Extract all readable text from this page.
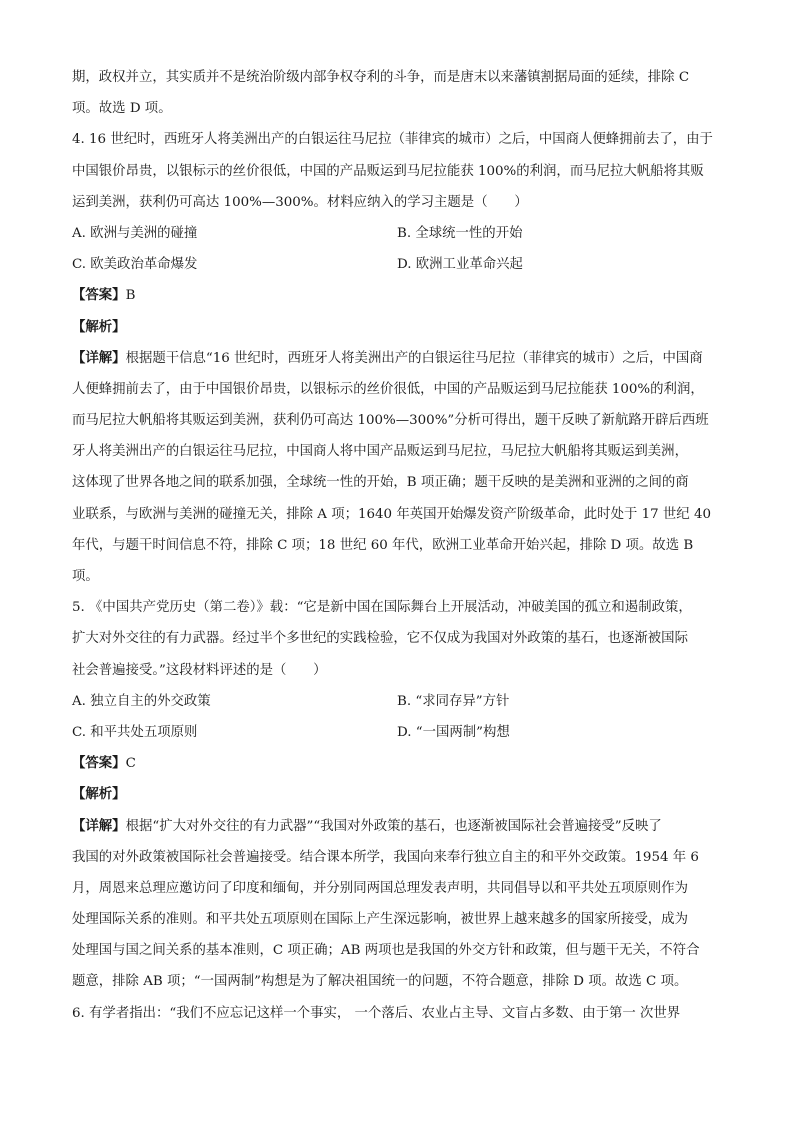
期，政权并立，其实质并不是统治阶级内部争权夺利的斗争，而是唐末以来藩镇割据局面的延续，排除 C
项。故选 D 项。
4. 16 世纪时，西班牙人将美洲出产的白银运往马尼拉（菲律宾的城市）之后，中国商人便蜂拥前去了，由于
中国银价昂贵，以银标示的丝价很低，中国的产品贩运到马尼拉能获 100%的利润，而马尼拉大帆船将其贩
运到美洲，获利仍可高达 100%—300%。材料应纳入的学习主题是（　　）
A. 欧洲与美洲的碰撞	B. 全球统一性的开始
C. 欧美政治革命爆发	D. 欧洲工业革命兴起
【答案】B
【解析】
【详解】根据题干信息“16 世纪时，西班牙人将美洲出产的白银运往马尼拉（菲律宾的城市）之后，中国商
人便蜂拥前去了，由于中国银价昂贵，以银标示的丝价很低，中国的产品贩运到马尼拉能获 100%的利润，
而马尼拉大帆船将其贩运到美洲，获利仍可高达 100%—300%”分析可得出，题干反映了新航路开辟后西班
牙人将美洲出产的白银运往马尼拉，中国商人将中国产品贩运到马尼拉，马尼拉大帆船将其贩运到美洲，
这体现了世界各地之间的联系加强，全球统一性的开始，B 项正确；题干反映的是美洲和亚洲的之间的商
业联系，与欧洲与美洲的碰撞无关，排除 A 项；1640 年英国开始爆发资产阶级革命，此时处于 17 世纪 40
年代，与题干时间信息不符，排除 C 项；18 世纪 60 年代，欧洲工业革命开始兴起，排除 D 项。故选 B
项。
5. 《中国共产党历史（第二卷）》载：“它是新中国在国际舞台上开展活动，冲破美国的孤立和遏制政策，
扩大对外交往的有力武器。经过半个多世纪的实践检验，它不仅成为我国对外政策的基石，也逐渐被国际
社会普遍接受。”这段材料评述的是（　　）
A. 独立自主的外交政策	B. “求同存异”方针
C. 和平共处五项原则	D. “一国两制”构想
【答案】C
【解析】
【详解】根据“扩大对外交往的有力武器”“我国对外政策的基石，也逐渐被国际社会普遍接受”反映了
我国的对外政策被国际社会普遍接受。结合课本所学，我国向来奉行独立自主的和平外交政策。1954 年 6
月，周恩来总理应邀访问了印度和缅甸，并分别同两国总理发表声明，共同倡导以和平共处五项原则作为
处理国际关系的准则。和平共处五项原则在国际上产生深远影响，被世界上越来越多的国家所接受，成为
处理国与国之间关系的基本准则，C 项正确；AB 两项也是我国的外交方针和政策，但与题干无关，不符合
题意，排除 AB 项；“一国两制”构想是为了解决祖国统一的问题，不符合题意，排除 D 项。故选 C 项。
6. 有学者指出：“我们不应忘记这样一个事实， 一个落后、农业占主导、文盲占多数、由于第一 次世界
